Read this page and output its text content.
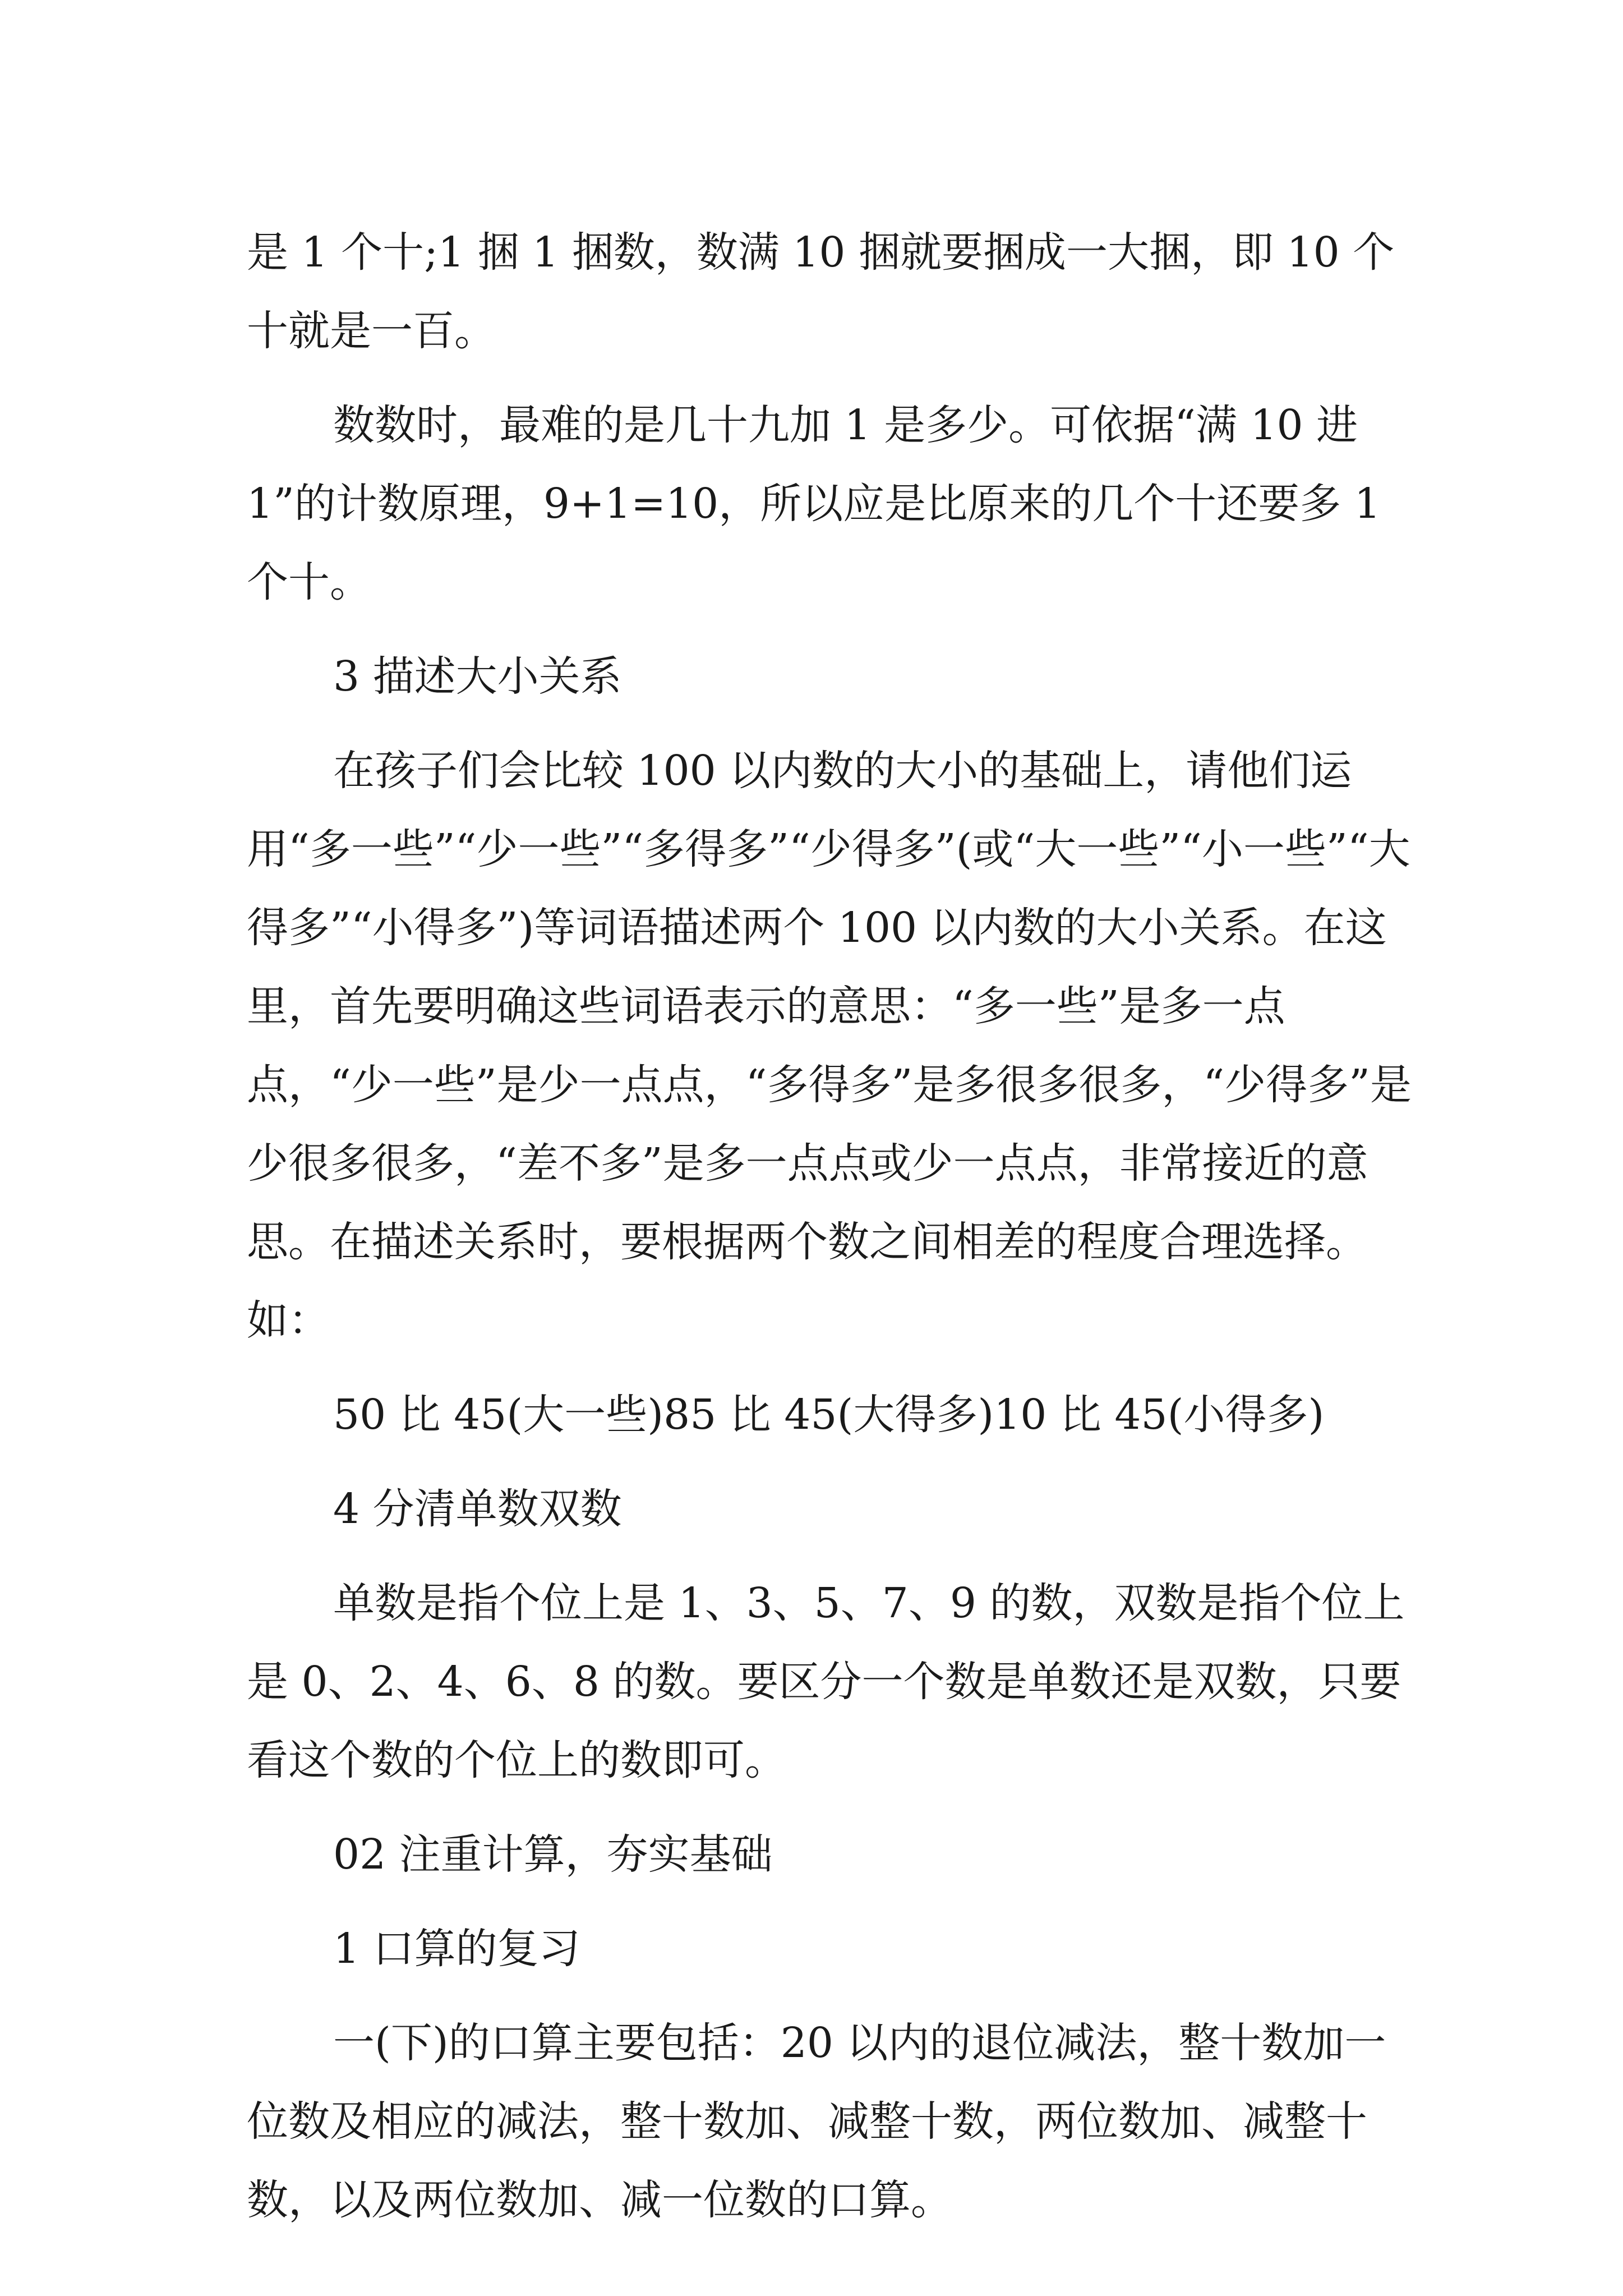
是 1 个十;1 捆 1 捆数，数满 10 捆就要捆成一大捆，即 10 个十就是一百。

数数时，最难的是几十九加 1 是多少。可依据“满 10 进 1”的计数原理，9+1=10，所以应是比原来的几个十还要多 1 个十。

3 描述大小关系

在孩子们会比较 100 以内数的大小的基础上，请他们运用“多一些”“少一些”“多得多”“少得多”(或“大一些”“小一些”“大得多”“小得多”)等词语描述两个 100 以内数的大小关系。在这里，首先要明确这些词语表示的意思：“多一些”是多一点点，“少一些”是少一点点，“多得多”是多很多很多，“少得多”是少很多很多，“差不多”是多一点点或少一点点，非常接近的意思。在描述关系时，要根据两个数之间相差的程度合理选择。如：

50 比 45(大一些)85 比 45(大得多)10 比 45(小得多)

4 分清单数双数

单数是指个位上是 1、3、5、7、9 的数，双数是指个位上是 0、2、4、6、8 的数。要区分一个数是单数还是双数，只要看这个数的个位上的数即可。

02 注重计算，夯实基础

1 口算的复习

一(下)的口算主要包括：20 以内的退位减法，整十数加一位数及相应的减法，整十数加、减整十数，两位数加、减整十数，以及两位数加、减一位数的口算。
